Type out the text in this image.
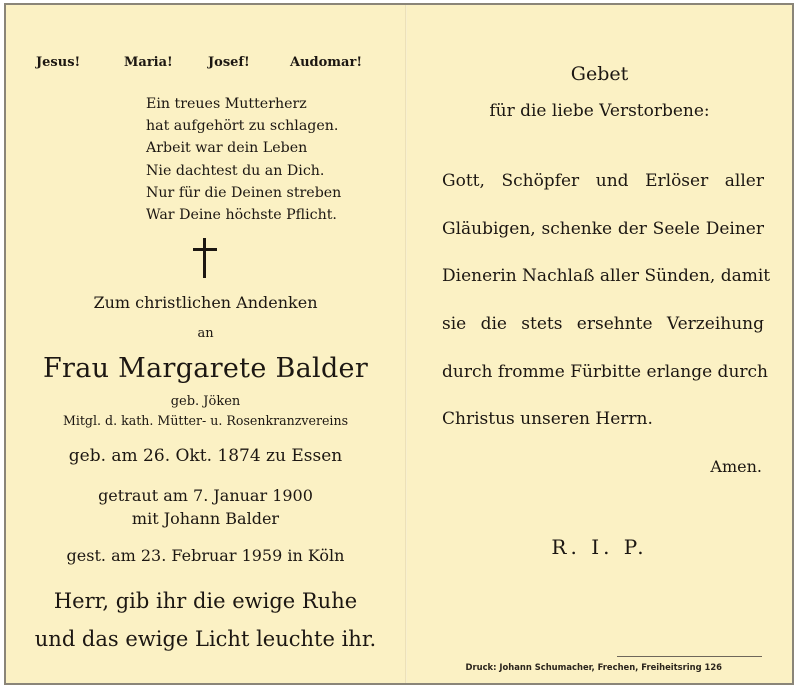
Jesus!	Maria!	Josef!	Audomar!
Ein treues Mutterherz
hat aufgehört zu schlagen.
Arbeit war dein Leben
Nie dachtest du an Dich.
Nur für die Deinen streben
War Deine höchste Pflicht.
Zum christlichen Andenken
an
Frau Margarete Balder
geb. Jöken
Mitgl. d. kath. Mütter- u. Rosenkranzvereins
geb. am 26. Okt. 1874 zu Essen
getraut am 7. Januar 1900
mit Johann Balder
gest. am 23. Februar 1959 in Köln
Herr, gib ihr die ewige Ruhe
und das ewige Licht leuchte ihr.
Gebet
für die liebe Verstorbene:
Gott, Schöpfer und Erlöser aller
Gläubigen, schenke der Seele Deiner
Dienerin Nachlaß aller Sünden, damit
sie die stets ersehnte Verzeihung
durch fromme Fürbitte erlange durch
Christus unseren Herrn.
Amen.
R. I. P.
Druck: Johann Schumacher, Frechen, Freiheitsring 126
